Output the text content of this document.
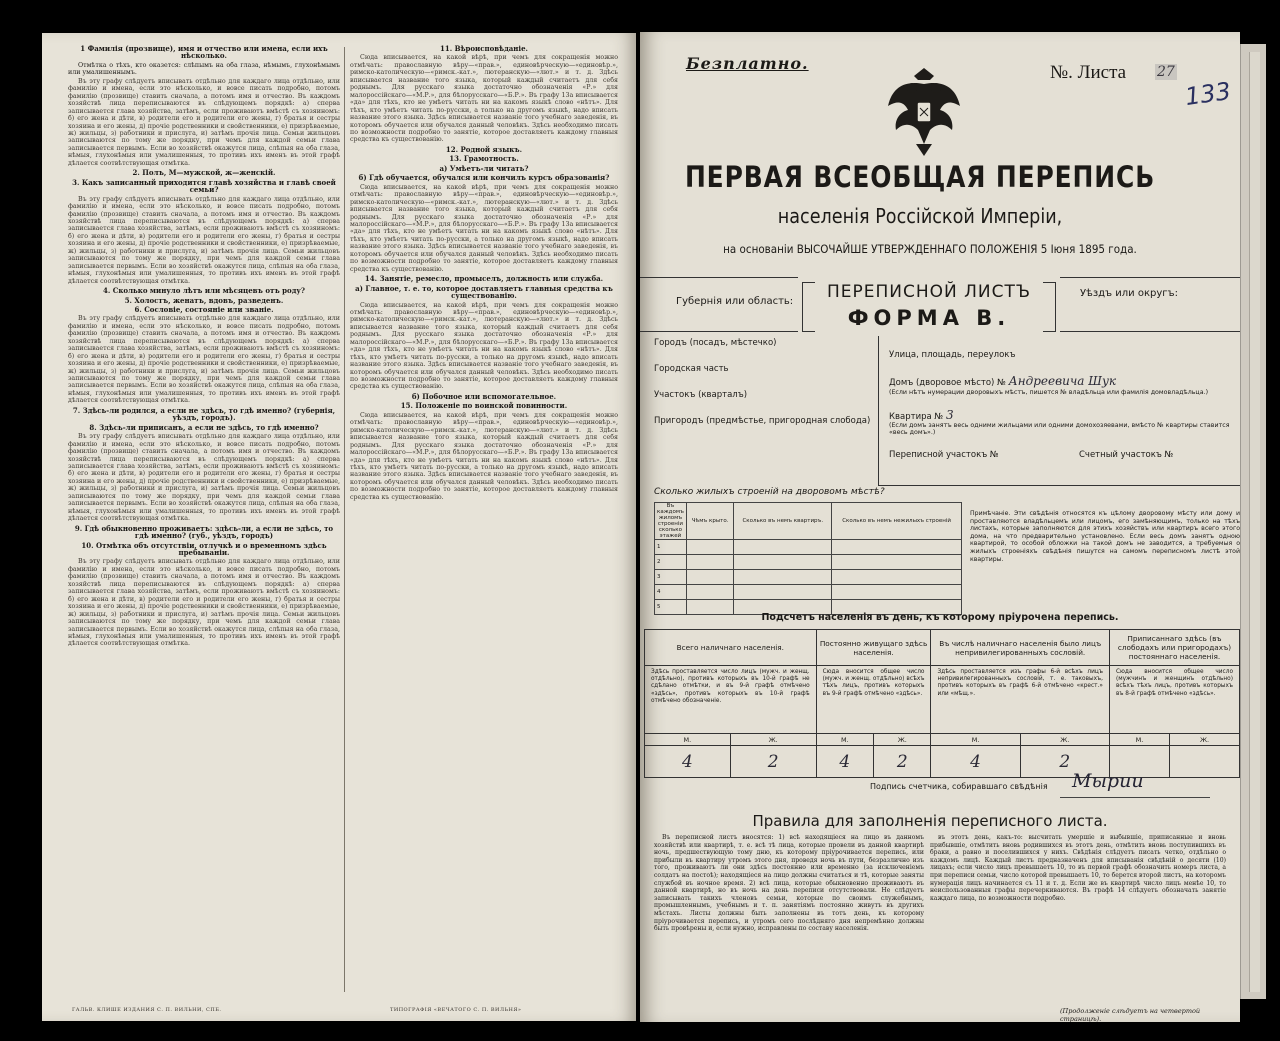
1 Фамилія (прозвище), имя и отчество или имена, если ихъ нѣсколько.

Отмѣтка о тѣхъ, кто оказется: слѣпымъ на оба глаза, нѣмымъ, глухонѣмымъ или умалишеннымъ.

Въ эту графу слѣдуетъ вписывать отдѣльно для каждаго лица отдѣльно, или фамилію и имена, если это нѣсколько, и вовсе писать подробно, потомъ фамилію (прозвище) ставить сначала, а потомъ имя и отчество. Въ каждомъ хозяйствѣ лица переписываются въ слѣдующемъ порядкѣ: а) сперва записывается глава хозяйства, затѣмъ, если проживаютъ вмѣстѣ съ хозяиномъ: б) его жена и дѣти, в) родители его и родители его жены, г) братья и сестры хозяина и его жены, д) прочіе родственники и свойственники, е) призрѣваемые, ж) жильцы, з) работники и прислуга, и) затѣмъ прочія лица. Семьи жильцовъ записываются по тому же порядку, при чемъ для каждой семьи глава записывается первымъ. Если во хозяйствѣ окажутся лица, слѣпыя на оба глаза, нѣмыя, глухонѣмыя или умалишенныя, то противъ ихъ именъ въ этой графѣ дѣлается соотвѣтствующая отмѣтка.

2. Полъ, М—мужской, ж—женскій.
3. Какъ записанный приходится главѣ хозяйства и главѣ своей семьи?

Въ эту графу слѣдуетъ вписывать отдѣльно для каждаго лица отдѣльно, или фамилію и имена, если это нѣсколько, и вовсе писать подробно, потомъ фамилію (прозвище) ставить сначала, а потомъ имя и отчество. Въ каждомъ хозяйствѣ лица переписываются въ слѣдующемъ порядкѣ: а) сперва записывается глава хозяйства, затѣмъ, если проживаютъ вмѣстѣ съ хозяиномъ: б) его жена и дѣти, в) родители его и родители его жены, г) братья и сестры хозяина и его жены, д) прочіе родственники и свойственники, е) призрѣваемые, ж) жильцы, з) работники и прислуга, и) затѣмъ прочія лица. Семьи жильцовъ записываются по тому же порядку, при чемъ для каждой семьи глава записывается первымъ. Если во хозяйствѣ окажутся лица, слѣпыя на оба глаза, нѣмыя, глухонѣмыя или умалишенныя, то противъ ихъ именъ въ этой графѣ дѣлается соотвѣтствующая отмѣтка.

4. Сколько минуло лѣтъ или мѣсяцевъ отъ роду?
5. Холостъ, женатъ, вдовъ, разведенъ.
6. Сословіе, состояніе или званіе.

Въ эту графу слѣдуетъ вписывать отдѣльно для каждаго лица отдѣльно, или фамилію и имена, если это нѣсколько, и вовсе писать подробно, потомъ фамилію (прозвище) ставить сначала, а потомъ имя и отчество. Въ каждомъ хозяйствѣ лица переписываются въ слѣдующемъ порядкѣ: а) сперва записывается глава хозяйства, затѣмъ, если проживаютъ вмѣстѣ съ хозяиномъ: б) его жена и дѣти, в) родители его и родители его жены, г) братья и сестры хозяина и его жены, д) прочіе родственники и свойственники, е) призрѣваемые, ж) жильцы, з) работники и прислуга, и) затѣмъ прочія лица. Семьи жильцовъ записываются по тому же порядку, при чемъ для каждой семьи глава записывается первымъ. Если во хозяйствѣ окажутся лица, слѣпыя на оба глаза, нѣмыя, глухонѣмыя или умалишенныя, то противъ ихъ именъ въ этой графѣ дѣлается соотвѣтствующая отмѣтка.

7. Здѣсь-ли родился, а если не здѣсь, то гдѣ именно? (губернія, уѣздъ, городъ).
8. Здѣсь-ли приписанъ, а если не здѣсь, то гдѣ именно?

Въ эту графу слѣдуетъ вписывать отдѣльно для каждаго лица отдѣльно, или фамилію и имена, если это нѣсколько, и вовсе писать подробно, потомъ фамилію (прозвище) ставить сначала, а потомъ имя и отчество. Въ каждомъ хозяйствѣ лица переписываются въ слѣдующемъ порядкѣ: а) сперва записывается глава хозяйства, затѣмъ, если проживаютъ вмѣстѣ съ хозяиномъ: б) его жена и дѣти, в) родители его и родители его жены, г) братья и сестры хозяина и его жены, д) прочіе родственники и свойственники, е) призрѣваемые, ж) жильцы, з) работники и прислуга, и) затѣмъ прочія лица. Семьи жильцовъ записываются по тому же порядку, при чемъ для каждой семьи глава записывается первымъ. Если во хозяйствѣ окажутся лица, слѣпыя на оба глаза, нѣмыя, глухонѣмыя или умалишенныя, то противъ ихъ именъ въ этой графѣ дѣлается соотвѣтствующая отмѣтка.

9. Гдѣ обыкновенно проживаетъ: здѣсь-ли, а если не здѣсь, то гдѣ именно? (губ., уѣздъ, городъ)
10. Отмѣтка объ отсутствіи, отлучкѣ и о временномъ здѣсь пребываніи.

Въ эту графу слѣдуетъ вписывать отдѣльно для каждаго лица отдѣльно, или фамилію и имена, если это нѣсколько, и вовсе писать подробно, потомъ фамилію (прозвище) ставить сначала, а потомъ имя и отчество. Въ каждомъ хозяйствѣ лица переписываются въ слѣдующемъ порядкѣ: а) сперва записывается глава хозяйства, затѣмъ, если проживаютъ вмѣстѣ съ хозяиномъ: б) его жена и дѣти, в) родители его и родители его жены, г) братья и сестры хозяина и его жены, д) прочіе родственники и свойственники, е) призрѣваемые, ж) жильцы, з) работники и прислуга, и) затѣмъ прочія лица. Семьи жильцовъ записываются по тому же порядку, при чемъ для каждой семьи глава записывается первымъ. Если во хозяйствѣ окажутся лица, слѣпыя на оба глаза, нѣмыя, глухонѣмыя или умалишенныя, то противъ ихъ именъ въ этой графѣ дѣлается соотвѣтствующая отмѣтка.

11. Вѣроисповѣданіе.

Сюда вписывается, на какой вѣрѣ, при чемъ для сокращенія можно отмѣчать: православную вѣру—«прав.», единовѣрческую—«единовѣр.», римско-католическую—«римск.-кат.», лютеранскую—«лют.» и т. д. Здѣсь вписывается название того языка, который каждый считаетъ для себя роднымъ. Для русскаго языка достаточно обозначенія «Р.» для малороссійскаго—«М.Р.», для бѣлорусскаго—«Б.Р.». Въ графу 13а вписывается «да» для тѣхъ, кто не умѣетъ читать ни на какомъ языкѣ слово «нѣтъ». Для тѣхъ, кто умѣетъ читать по-русски, а только на другомъ языкѣ, надо вписать название этого языка. Здѣсь вписывается названіе того учебнаго заведенія, въ которомъ обучается или обучался данный человѣкъ. Здѣсь необходимо писать по возможности подробно то занятіе, которое доставляетъ каждому главныя средства къ существованію.

12. Родной языкъ.
13. Грамотность.
а) Умѣетъ-ли читать?
б) Гдѣ обучается, обучался или кончилъ курсъ образованія?

Сюда вписывается, на какой вѣрѣ, при чемъ для сокращенія можно отмѣчать: православную вѣру—«прав.», единовѣрческую—«единовѣр.», римско-католическую—«римск.-кат.», лютеранскую—«лют.» и т. д. Здѣсь вписывается название того языка, который каждый считаетъ для себя роднымъ. Для русскаго языка достаточно обозначенія «Р.» для малороссійскаго—«М.Р.», для бѣлорусскаго—«Б.Р.». Въ графу 13а вписывается «да» для тѣхъ, кто не умѣетъ читать ни на какомъ языкѣ слово «нѣтъ». Для тѣхъ, кто умѣетъ читать по-русски, а только на другомъ языкѣ, надо вписать название этого языка. Здѣсь вписывается названіе того учебнаго заведенія, въ которомъ обучается или обучался данный человѣкъ. Здѣсь необходимо писать по возможности подробно то занятіе, которое доставляетъ каждому главныя средства къ существованію.

14. Занятіе, ремесло, промыселъ, должность или служба.
а) Главное, т. е. то, которое доставляетъ главныя средства къ существованію.

Сюда вписывается, на какой вѣрѣ, при чемъ для сокращенія можно отмѣчать: православную вѣру—«прав.», единовѣрческую—«единовѣр.», римско-католическую—«римск.-кат.», лютеранскую—«лют.» и т. д. Здѣсь вписывается название того языка, который каждый считаетъ для себя роднымъ. Для русскаго языка достаточно обозначенія «Р.» для малороссійскаго—«М.Р.», для бѣлорусскаго—«Б.Р.». Въ графу 13а вписывается «да» для тѣхъ, кто не умѣетъ читать ни на какомъ языкѣ слово «нѣтъ». Для тѣхъ, кто умѣетъ читать по-русски, а только на другомъ языкѣ, надо вписать название этого языка. Здѣсь вписывается названіе того учебнаго заведенія, въ которомъ обучается или обучался данный человѣкъ. Здѣсь необходимо писать по возможности подробно то занятіе, которое доставляетъ каждому главныя средства къ существованію.

б) Побочное или вспомогательное.
15. Положеніе по воинской повинности.

Сюда вписывается, на какой вѣрѣ, при чемъ для сокращенія можно отмѣчать: православную вѣру—«прав.», единовѣрческую—«единовѣр.», римско-католическую—«римск.-кат.», лютеранскую—«лют.» и т. д. Здѣсь вписывается название того языка, который каждый считаетъ для себя роднымъ. Для русскаго языка достаточно обозначенія «Р.» для малороссійскаго—«М.Р.», для бѣлорусскаго—«Б.Р.». Въ графу 13а вписывается «да» для тѣхъ, кто не умѣетъ читать ни на какомъ языкѣ слово «нѣтъ». Для тѣхъ, кто умѣетъ читать по-русски, а только на другомъ языкѣ, надо вписать название этого языка. Здѣсь вписывается названіе того учебнаго заведенія, въ которомъ обучается или обучался данный человѣкъ. Здѣсь необходимо писать по возможности подробно то занятіе, которое доставляетъ каждому главныя средства къ существованію.

ГАЛЬВ. КЛИШЕ ИЗДАНИЯ С. П. ВИЛЬНИ, СПБ.	ТИПОГРАФІЯ «ВЕЧАТОГО С. П. ВИЛЬНЯ»
Безплатно.	№. Листа 27
133
ПЕРВАЯ ВСЕОБЩАЯ ПЕРЕПИСЬ
населенія Россійской Имперіи,
на основаніи ВЫСОЧАЙШЕ УТВЕРЖДЕННАГО ПОЛОЖЕНІЯ 5 Іюня 1895 года.
Губернія или область:	ПЕРЕПИСНОЙ ЛИСТЪ
ФОРМА В.
Уѣздъ или округъ:
Городъ (посадъ, мѣстечко)
Городская часть
Участокъ (кварталъ)
Пригородъ (предмѣстье, пригородная слобода)
Улица, площадь, переулокъ
Домъ (дворовое мѣсто) № Андреевича Шук
(Если нѣтъ нумерации дворовыхъ мѣстъ, пишется № владѣльца или фамилія домовладѣльца.)
Квартира № 3
(Если домъ занятъ весь одними жильцами или одними домохозяевами, вмѣсто № квартиры ставится «весь домъ».)
Переписной участокъ №	Счетный участокъ №
Сколько жилыхъ строеній на дворовомъ мѣстѣ?
Въ каждомъ жиломъ строеніи сколько этажей	Чѣмъ крыто.	Сколько въ немъ квартиръ.	Сколько въ немъ нежилыхъ строеній
1			
2			
3			
4			
5			
Примѣчаніе. Эти свѣдѣнія относятся къ цѣлому дворовому мѣсту или дому и проставляются владѣльцемъ или лицомъ, его замѣняющимъ, только на тѣхъ листахъ, которые заполняются для этихъ хозяйствъ или квартиръ всего этого дома, на что предварительно установлено. Если весь домъ занятъ одною квартирой, то особой обложки на такой домъ не заводится, а требуемыя о жилыхъ строеніяхъ свѣдѣнія пишутся на самомъ переписномъ листѣ этой квартиры.
Подсчетъ населенія въ день, къ которому пріурочена перепись.
Всего наличнаго населенія.		Постоянно живущаго здѣсь населенія.		Въ числѣ наличнаго населенія было лицъ непривилегированныхъ сословій.		Приписаннаго здѣсь (въ слободахъ или пригородахъ) постояннаго населенія.	
Здѣсь проставляется число лицъ (мужч. и женщ. отдѣльно), противъ которыхъ въ 10-й графѣ не сдѣлано отмѣтки, и въ 9-й графѣ отмѣчено «здѣсь», противъ которыхъ въ 10-й графѣ отмѣчено обозначеніе.		Сюда вносится общее число (мужч. и женщ. отдѣльно) всѣхъ тѣхъ лицъ, противъ которыхъ въ 9-й графѣ отмѣчено «здѣсь».		Здѣсь проставляется изъ графы 6-й всѣхъ лицъ непривилегированныхъ сословій, т. е. таковыхъ, противъ которыхъ въ графѣ 6-й отмѣчено «крест.» или «мѣщ.».		Сюда вносится общее число (мужчинъ и женщинъ отдѣльно) всѣхъ тѣхъ лицъ, противъ которыхъ въ 8-й графѣ отмѣчено «здѣсь».	
М.	Ж.	М.	Ж.	М.	Ж.	М.	Ж.
4	2	4	2	4	2		
Подпись счетчика, собиравшаго свѣдѣнія Мырии
Правила для заполненія переписного листа.

Въ переписной листъ вносятся: 1) всѣ находящіеся на лицо въ данномъ хозяйствѣ или квартирѣ, т. е. всѣ тѣ лица, которые провели въ данной квартирѣ ночь, предшествующую тому дню, къ которому пріурочивается перепись, или прибыли въ квартиру утромъ этого дня, проведя ночь въ пути, безразлично изъ того, проживаютъ ли они здѣсь постоянно или временно (за исключеніемъ солдатъ на постоѣ); находящіеся на лицо должны считаться и тѣ, которые заняты службой въ ночное время. 2) всѣ лица, которые обыкновенно проживаютъ въ данной квартирѣ, но въ ночь на день переписи отсутствовали. Не слѣдуетъ записывать такихъ членовъ семьи, которые по своимъ служебнымъ, промышленнымъ, учебнымъ и т. п. занятіямъ постоянно живутъ въ другихъ мѣстахъ. Листы должны быть заполнены въ тотъ день, къ которому пріурочивается перепись, и утромъ сего послѣдняго дня непремѣнно должны быть провѣрены и, если нужно, исправлены по составу населенія.

въ этотъ день, какъ-то: высчитать умершіе и выбывшіе, приписанные и вновь прибывшіе, отмѣтить вновь родившихся въ этотъ день, отмѣтить вновь поступившихъ въ браки, а равно и поселившихся у нихъ. Свѣдѣнія слѣдуетъ писать четко, отдѣльно о каждомъ лицѣ. Каждый листъ предназначенъ для вписыванія свѣдѣній о десяти (10) лицахъ; если число лицъ превышаетъ 10, то въ первой графѣ обозначить номеръ листа, а при переписи семьи, число которой превышаетъ 10, то берется второй листъ, на которомъ нумерація лицъ начинается съ 11 и т. д. Если же въ квартирѣ число лицъ менѣе 10, то неиспользованныя графы перечеркиваются. Въ графѣ 14 слѣдуетъ обозначать занятіе каждаго лица, по возможности подробно.

(Продолженіе слѣдуетъ на четвертой страницѣ).
